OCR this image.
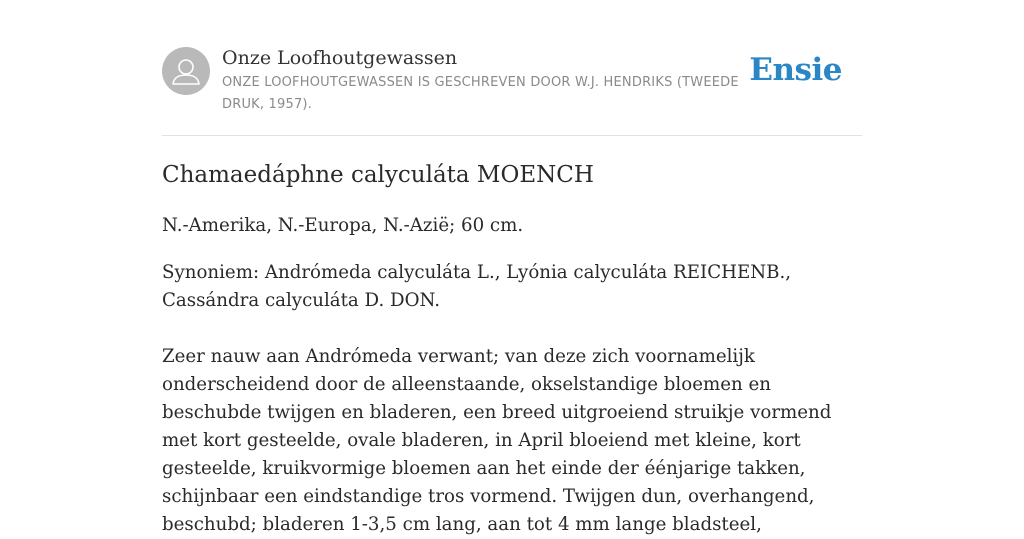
Onze Loofhoutgewassen
ONZE LOOFHOUTGEWASSEN IS GESCHREVEN DOOR W.J. HENDRIKS (TWEEDE DRUK, 1957).
Ensie
Chamaedáphne calyculáta MOENCH

N.-Amerika, N.-Europa, N.-Azië; 60 cm.

Synoniem: Andrómeda calyculáta L., Lyónia calyculáta REICHENB., Cassándra calyculáta D. DON.

Zeer nauw aan Andrómeda verwant; van deze zich voornamelijk onderscheidend door de alleenstaande, okselstandige bloemen en beschubde twijgen en bladeren, een breed uitgroeiend struikje vormend met kort gesteelde, ovale bladeren, in April bloeiend met kleine, kort gesteelde, kruikvormige bloemen aan het einde der éénjarige takken, schijnbaar een eindstandige tros vormend. Twijgen dun, overhangend, beschubd; bladeren 1-3,5 cm lang, aan tot 4 mm lange bladsteel,
